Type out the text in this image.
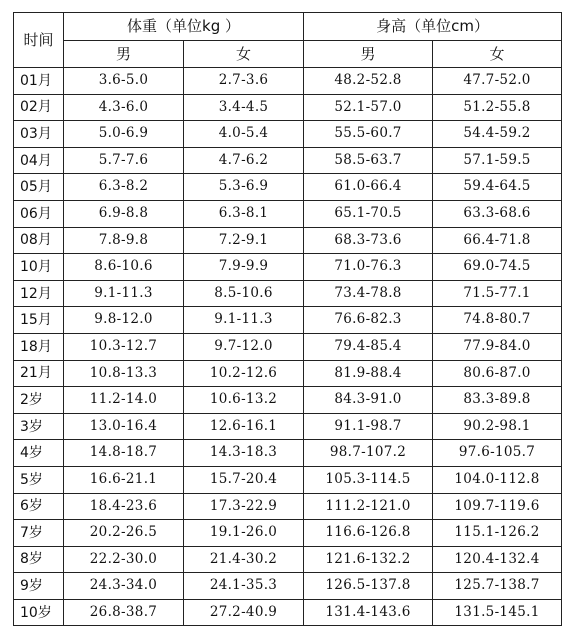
时间	体重（单位kg ）		身高（单位cm）	
	男	女	男	女
01月	3.6-5.0	2.7-3.6	48.2-52.8	47.7-52.0
02月	4.3-6.0	3.4-4.5	52.1-57.0	51.2-55.8
03月	5.0-6.9	4.0-5.4	55.5-60.7	54.4-59.2
04月	5.7-7.6	4.7-6.2	58.5-63.7	57.1-59.5
05月	6.3-8.2	5.3-6.9	61.0-66.4	59.4-64.5
06月	6.9-8.8	6.3-8.1	65.1-70.5	63.3-68.6
08月	7.8-9.8	7.2-9.1	68.3-73.6	66.4-71.8
10月	8.6-10.6	7.9-9.9	71.0-76.3	69.0-74.5
12月	9.1-11.3	8.5-10.6	73.4-78.8	71.5-77.1
15月	9.8-12.0	9.1-11.3	76.6-82.3	74.8-80.7
18月	10.3-12.7	9.7-12.0	79.4-85.4	77.9-84.0
21月	10.8-13.3	10.2-12.6	81.9-88.4	80.6-87.0
2岁	11.2-14.0	10.6-13.2	84.3-91.0	83.3-89.8
3岁	13.0-16.4	12.6-16.1	91.1-98.7	90.2-98.1
4岁	14.8-18.7	14.3-18.3	98.7-107.2	97.6-105.7
5岁	16.6-21.1	15.7-20.4	105.3-114.5	104.0-112.8
6岁	18.4-23.6	17.3-22.9	111.2-121.0	109.7-119.6
7岁	20.2-26.5	19.1-26.0	116.6-126.8	115.1-126.2
8岁	22.2-30.0	21.4-30.2	121.6-132.2	120.4-132.4
9岁	24.3-34.0	24.1-35.3	126.5-137.8	125.7-138.7
10岁	26.8-38.7	27.2-40.9	131.4-143.6	131.5-145.1
